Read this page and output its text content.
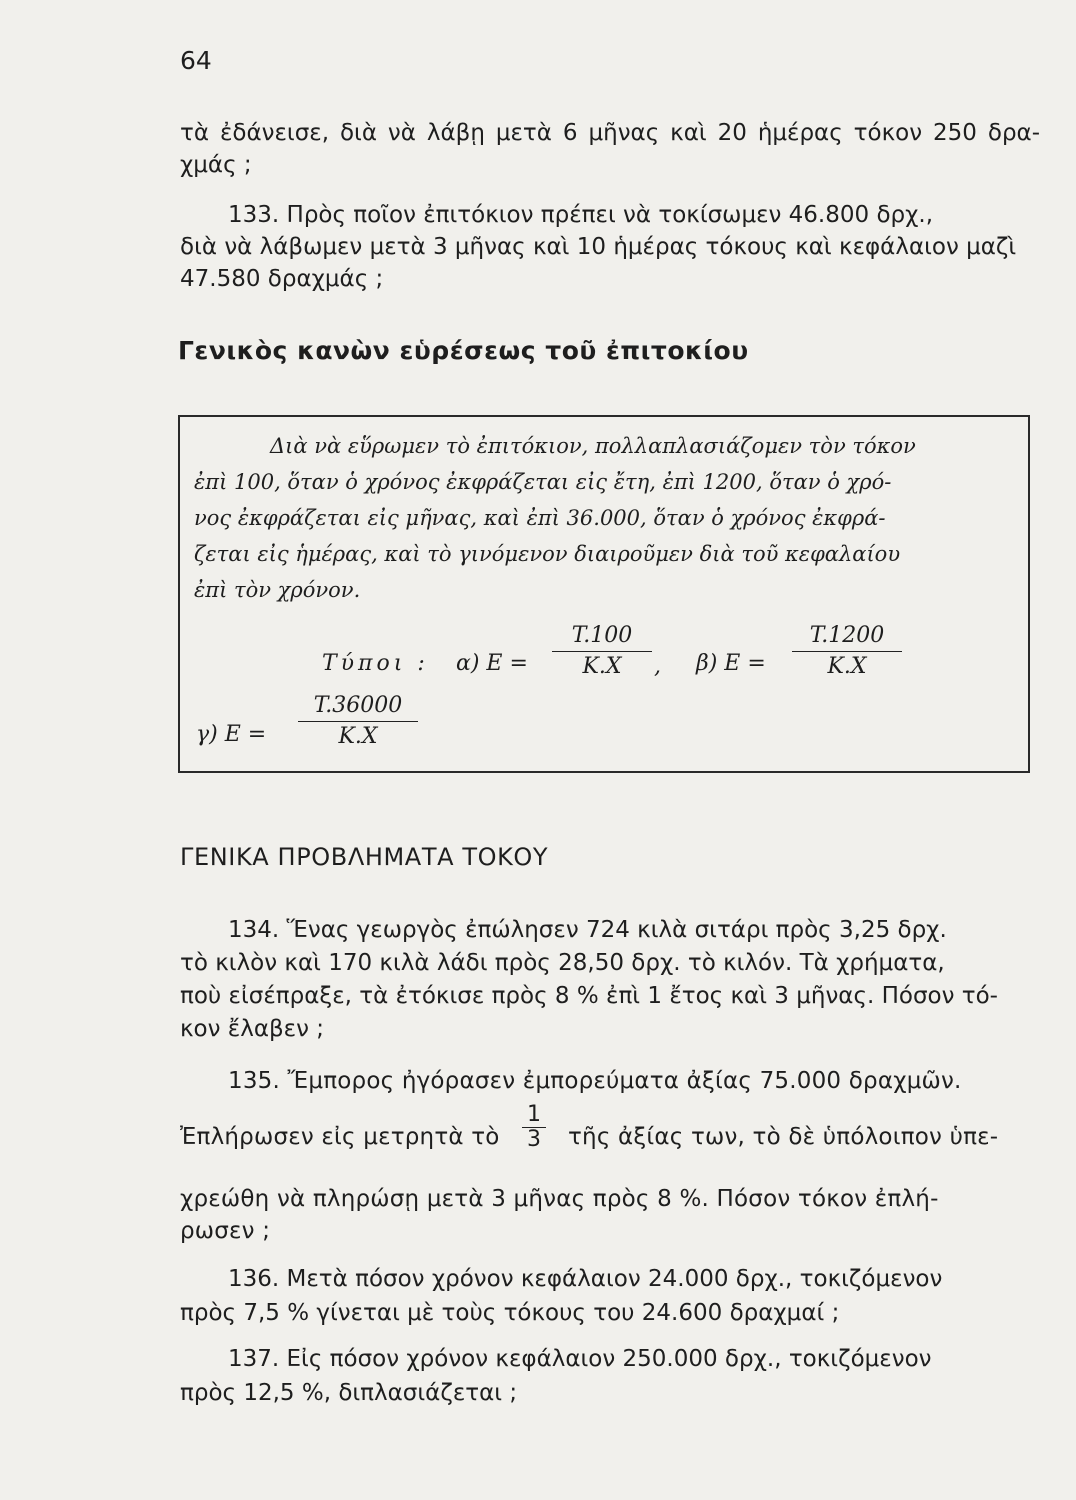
64
τὰ ἐδάνεισε, διὰ νὰ λάβῃ μετὰ 6 μῆνας καὶ 20 ἡμέρας τόκον 250 δρα-
χμάς ;
133. Πρὸς ποῖον ἐπιτόκιον πρέπει νὰ τοκίσωμεν 46.800 δρχ.,
διὰ νὰ λάβωμεν μετὰ 3 μῆνας καὶ 10 ἡμέρας τόκους καὶ κεφάλαιον μαζὶ
47.580 δραχμάς ;
Γενικὸς κανὼν εὑρέσεως τοῦ ἐπιτοκίου
Διὰ νὰ εὕρωμεν τὸ ἐπιτόκιον, πολλαπλασιάζομεν τὸν τόκον
ἐπὶ 100, ὅταν ὁ χρόνος ἐκφράζεται εἰς ἔτη, ἐπὶ 1200, ὅταν ὁ χρό-
νος ἐκφράζεται εἰς μῆνας, καὶ ἐπὶ 36.000, ὅταν ὁ χρόνος ἐκφρά-
ζεται εἰς ἡμέρας, καὶ τὸ γινόμενον διαιροῦμεν διὰ τοῦ κεφαλαίου
ἐπὶ τὸν χρόνον.
Τύποι : α) Ε =
T.100
K.X	, β) Ε =
T.1200
K.X
γ) Ε =
T.36000
K.X
ΓΕΝΙΚΑ ΠΡΟΒΛΗΜΑΤΑ ΤΟΚΟΥ
134. Ἕνας γεωργὸς ἐπώλησεν 724 κιλὰ σιτάρι πρὸς 3,25 δρχ.
τὸ κιλὸν καὶ 170 κιλὰ λάδι πρὸς 28,50 δρχ. τὸ κιλόν. Τὰ χρήματα,
ποὺ εἰσέπραξε, τὰ ἐτόκισε πρὸς 8 % ἐπὶ 1 ἔτος καὶ 3 μῆνας. Πόσον τό-
κον ἔλαβεν ;
135. Ἔμπορος ἠγόρασεν ἐμπορεύματα ἀξίας 75.000 δραχμῶν.
Ἐπλήρωσεν εἰς μετρητὰ τὸ
1
3 τῆς ἀξίας των, τὸ δὲ ὑπόλοιπον ὑπε-
χρεώθη νὰ πληρώσῃ μετὰ 3 μῆνας πρὸς 8 %. Πόσον τόκον ἐπλή-
ρωσεν ;
136. Μετὰ πόσον χρόνον κεφάλαιον 24.000 δρχ., τοκιζόμενον
πρὸς 7,5 % γίνεται μὲ τοὺς τόκους του 24.600 δραχμαί ;
137. Εἰς πόσον χρόνον κεφάλαιον 250.000 δρχ., τοκιζόμενον
πρὸς 12,5 %, διπλασιάζεται ;
